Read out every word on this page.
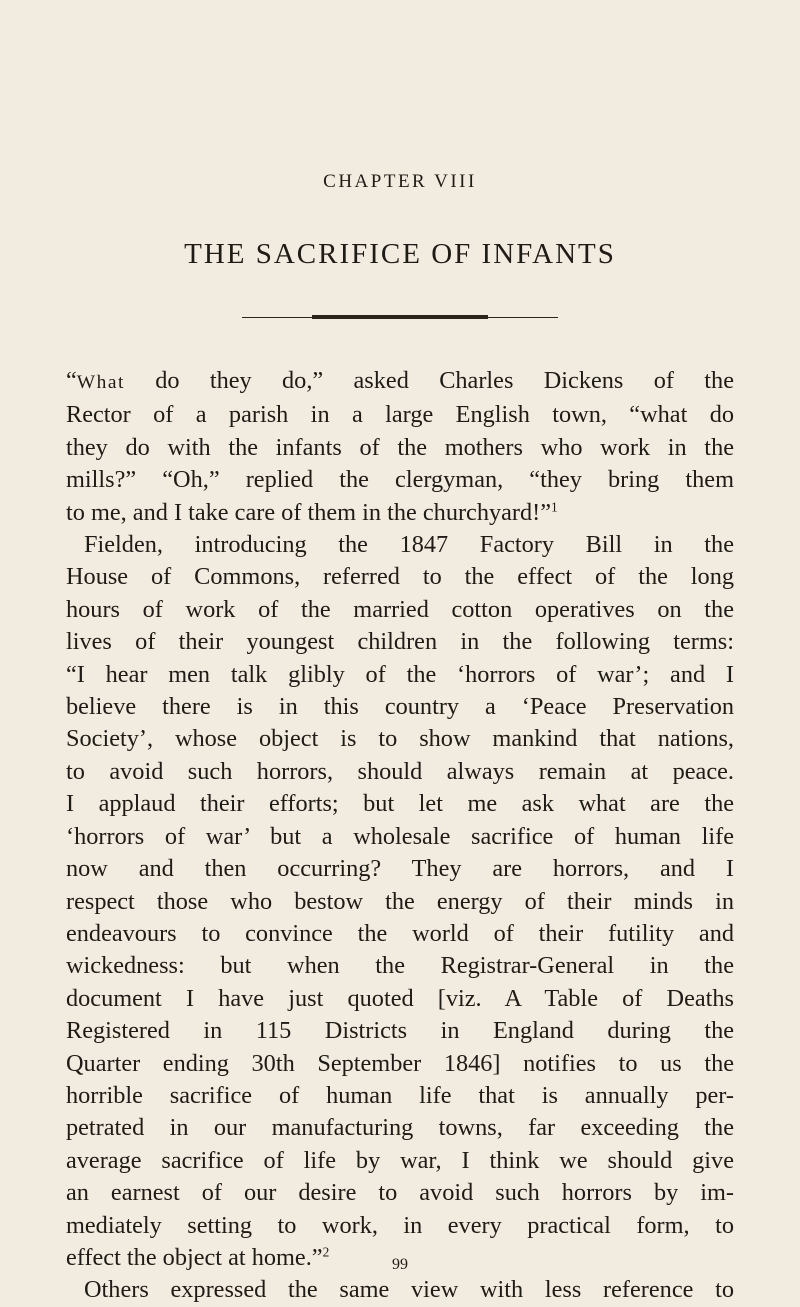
CHAPTER VIII
THE SACRIFICE OF INFANTS
“What do they do,” asked Charles Dickens of the
Rector of a parish in a large English town, “what do
they do with the infants of the mothers who work in the
mills?” “Oh,” replied the clergyman, “they bring them
to me, and I take care of them in the churchyard!”$^1$
Fielden, introducing the 1847 Factory Bill in the
House of Commons, referred to the effect of the long
hours of work of the married cotton operatives on the
lives of their youngest children in the following terms:
“I hear men talk glibly of the ‘horrors of war’; and I
believe there is in this country a ‘Peace Preservation
Society’, whose object is to show mankind that nations,
to avoid such horrors, should always remain at peace.
I applaud their efforts; but let me ask what are the
‘horrors of war’ but a wholesale sacrifice of human life
now and then occurring? They are horrors, and I
respect those who bestow the energy of their minds in
endeavours to convince the world of their futility and
wickedness: but when the Registrar-General in the
document I have just quoted [viz. A Table of Deaths
Registered in 115 Districts in England during the
Quarter ending 30th September 1846] notifies to us the
horrible sacrifice of human life that is annually per-
petrated in our manufacturing towns, far exceeding the
average sacrifice of life by war, I think we should give
an earnest of our desire to avoid such horrors by im-
mediately setting to work, in every practical form, to
effect the object at home.”$^2$
Others expressed the same view with less reference to
99
